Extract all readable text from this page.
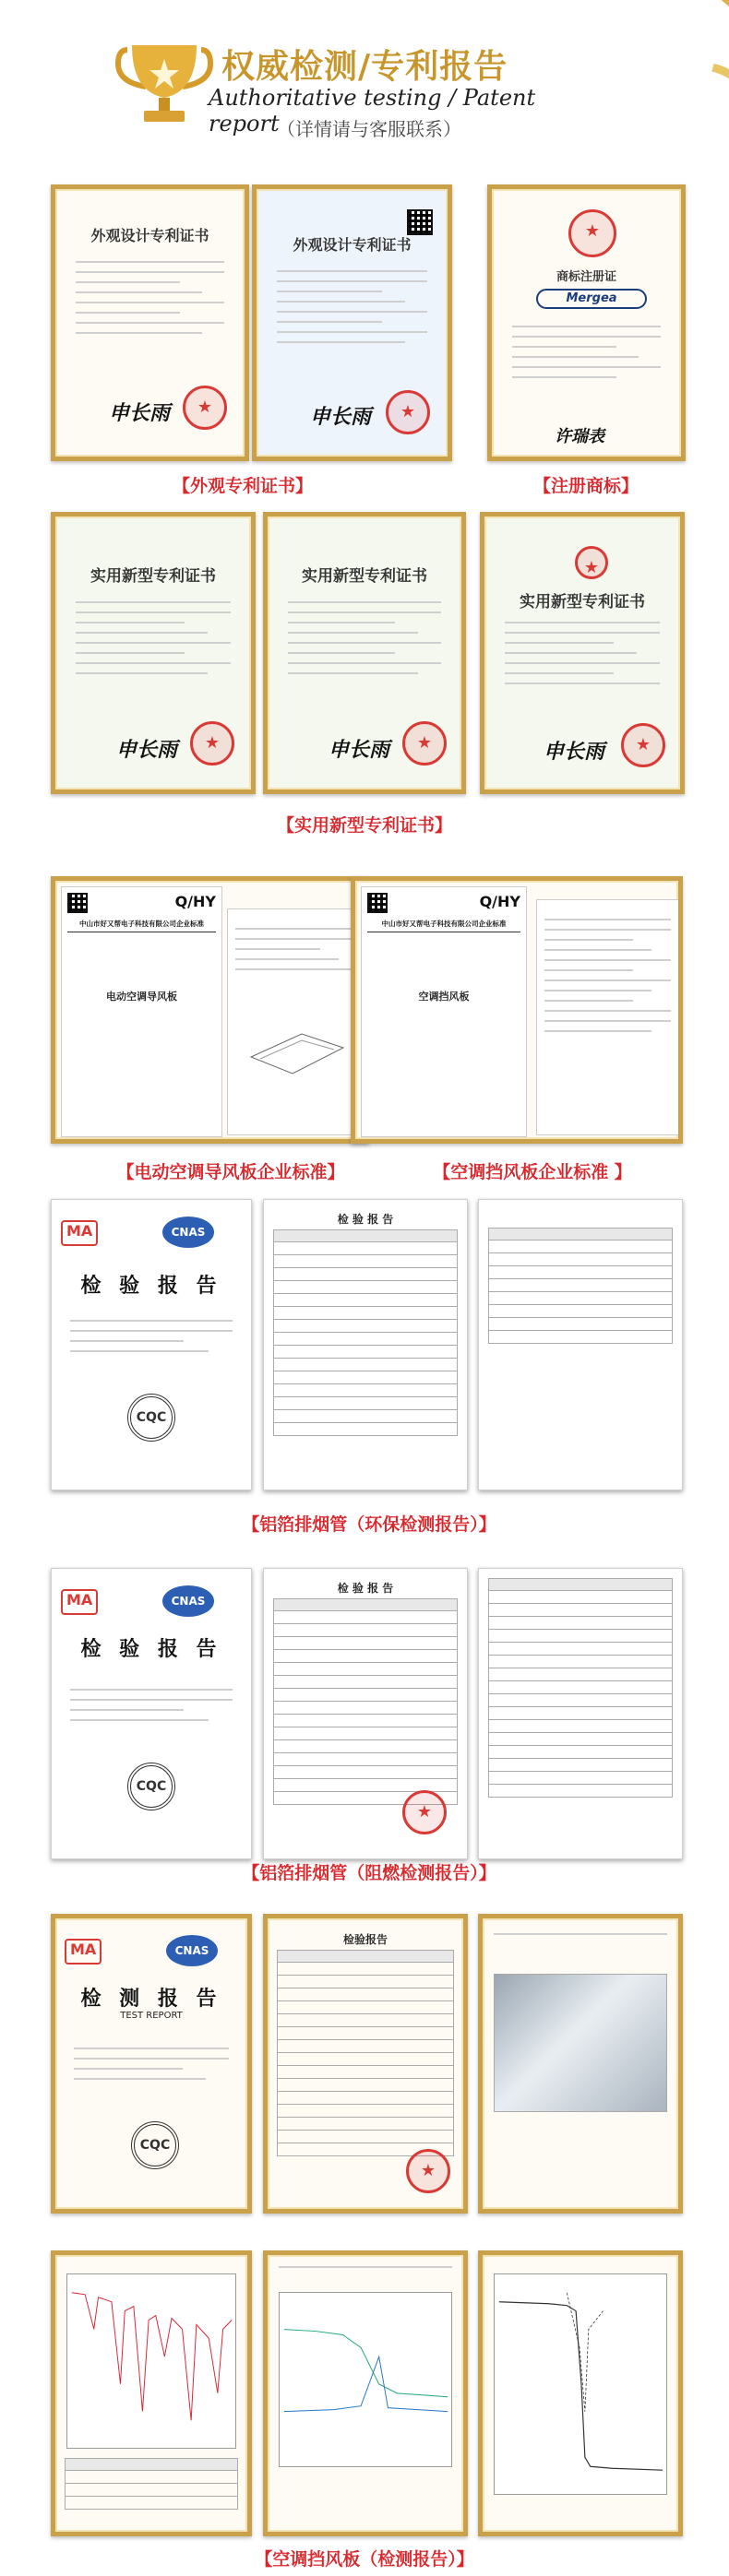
权威检测/专利报告
Authoritative testing / Patent report
（详情请与客服联系）
外观设计专利证书
申长雨
★
外观设计专利证书
申长雨
★
★
商标注册证
Mergea
许瑞表
【外观专利证书】	【注册商标】
实用新型专利证书
申长雨
★
实用新型专利证书
申长雨
★
★
实用新型专利证书
申长雨
★
【实用新型专利证书】
Q/HY
中山市好又帮电子科技有限公司企业标准
电动空调导风板
Q/HY
中山市好又帮电子科技有限公司企业标准
空调挡风板
【电动空调导风板企业标准】	【空调挡风板企业标准 】
MA	CNAS
检 验 报 告
CQC
检 验 报 告
【铝箔排烟管（环保检测报告）】
MA	CNAS
检 验 报 告
CQC
检 验 报 告
★
【铝箔排烟管（阻燃检测报告）】
MA	CNAS
检 测 报 告
TEST REPORT
CQC
检验报告
★
【空调挡风板（检测报告）】
